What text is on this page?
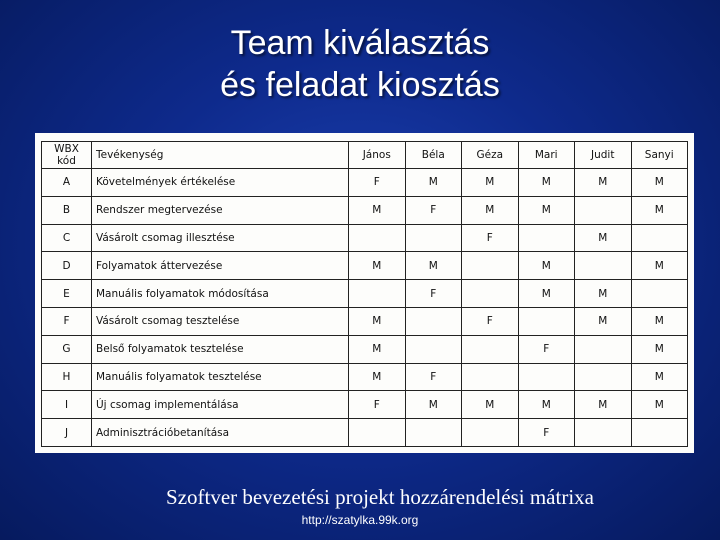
Team kiválasztás
és feladat kiosztás
WBX
kód	Tevékenység	János	Béla	Géza	Mari	Judit	Sanyi
A	Követelmények értékelése	F	M	M	M	M	M
B	Rendszer megtervezése	M	F	M	M		M
C	Vásárolt csomag illesztése			F		M	
D	Folyamatok áttervezése	M	M		M		M
E	Manuális folyamatok módosítása		F		M	M	
F	Vásárolt csomag tesztelése	M		F		M	M
G	Belső folyamatok tesztelése	M			F		M
H	Manuális folyamatok tesztelése	M	F				M
I	Új csomag implementálása	F	M	M	M	M	M
J	Adminisztrációbetanítása				F		
Szoftver bevezetési projekt hozzárendelési mátrixa
http://szatylka.99k.org
